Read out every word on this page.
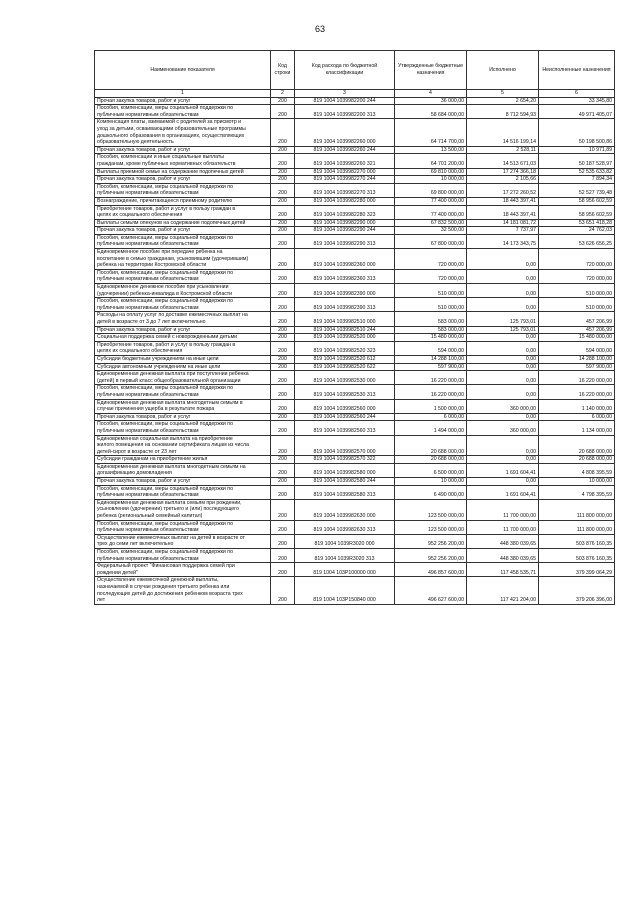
63
Наименование показателя	Код строки	Код расхода по бюджетной классификации	Утвержденные бюджетные назначения	Исполнено	Неисполненные назначения
1	2	3	4	5	6
Прочая закупка товаров, работ и услуг	200	819 1004 1039982200 244	36 000,00	2 654,20	33 345,80
Пособия, компенсации, меры социальной поддержки по
публичным нормативным обязательствам	200	819 1004 1039982200 313	58 684 000,00	8 712 594,93	49 971 405,07
Компенсация платы, взимаемой с родителей за присмотр и
уход за детьми, осваивающими образовательные программы
дошкольного образования в организациях, осуществляющих
образовательную деятельность	200	819 1004 1039982260 000	64 714 700,00	14 516 199,14	50 198 500,86
Прочая закупка товаров, работ и услуг	200	819 1004 1039982260 244	13 500,00	2 528,11	10 971,89
Пособия, компенсации и иные социальные выплаты
гражданам, кроме публичных нормативных обязательств	200	819 1004 1039982260 321	64 701 200,00	14 513 671,03	50 187 528,97
Выплаты приемной семье на содержание подопечных детей	200	819 1004 1039982270 000	69 810 000,00	17 274 366,18	52 535 633,82
Прочая закупка товаров, работ и услуг	200	819 1004 1039982270 244	10 000,00	2 105,66	7 894,34
Пособия, компенсации, меры социальной поддержки по
публичным нормативным обязательствам	200	819 1004 1039982270 313	69 800 000,00	17 272 260,52	52 527 739,48
Вознаграждение, причитающееся приемному родителю	200	819 1004 1039982280 000	77 400 000,00	18 443 397,41	58 956 602,59
Приобретение товаров, работ и услуг в пользу граждан в
целях их социального обеспечения	200	819 1004 1039982280 323	77 400 000,00	18 443 397,41	58 956 602,59
Выплаты семьям опекунов на содержание подопечных детей	200	819 1004 1039982290 000	67 832 500,00	14 181 081,72	53 651 418,28
Прочая закупка товаров, работ и услуг	200	819 1004 1039982290 244	32 500,00	7 737,97	24 762,03
Пособия, компенсации, меры социальной поддержки по
публичным нормативным обязательствам	200	819 1004 1039982290 313	67 800 000,00	14 173 343,75	53 626 656,25
Единовременное пособие при передаче ребенка на
воспитание в семью гражданам, усыновившим (удочерившим)
ребенка на территории Костромской области	200	819 1004 1039982360 000	720 000,00	0,00	720 000,00
Пособия, компенсации, меры социальной поддержки по
публичным нормативным обязательствам	200	819 1004 1039982360 313	720 000,00	0,00	720 000,00
Единовременное денежное пособие при усыновлении
(удочерении) ребенка-инвалида в Костромской области	200	819 1004 1039982390 000	510 000,00	0,00	510 000,00
Пособия, компенсации, меры социальной поддержки по
публичным нормативным обязательствам	200	819 1004 1039982390 313	510 000,00	0,00	510 000,00
Расходы на оплату услуг по доставке ежемесячных выплат на
детей в возрасте от 3 до 7 лет включительно	200	819 1004 1039982510 000	583 000,00	125 793,01	457 206,99
Прочая закупка товаров, работ и услуг	200	819 1004 1039982510 244	583 000,00	125 793,01	457 206,99
Социальная поддержка семей с новорожденными детьми	200	819 1004 1039982520 000	15 480 000,00	0,00	15 480 000,00
Приобретение товаров, работ и услуг в пользу граждан в
целях их социального обеспечения	200	819 1004 1039982520 323	594 000,00	0,00	594 000,00
Субсидии бюджетным учреждениям на иные цели	200	819 1004 1039982520 612	14 288 100,00	0,00	14 288 100,00
Субсидии автономным учреждениям на иные цели	200	819 1004 1039982520 622	597 900,00	0,00	597 900,00
Единовременная денежная выплата при поступлении ребенка
(детей) в первый класс общеобразовательной организации	200	819 1004 1039982530 000	16 220 000,00	0,00	16 220 000,00
Пособия, компенсации, меры социальной поддержки по
публичным нормативным обязательствам	200	819 1004 1039982530 313	16 220 000,00	0,00	16 220 000,00
Единовременная денежная выплата многодетным семьям в
случае причинения ущерба в результате пожара	200	819 1004 1039982560 000	1 500 000,00	360 000,00	1 140 000,00
Прочая закупка товаров, работ и услуг	200	819 1004 1039982560 244	6 000,00	0,00	6 000,00
Пособия, компенсации, меры социальной поддержки по
публичным нормативным обязательствам	200	819 1004 1039982560 313	1 494 000,00	360 000,00	1 134 000,00
Единовременная социальная выплата на приобретение
жилого помещения на основании сертификата лицам из числа
детей-сирот в возрасте от 23 лет	200	819 1004 1039982570 000	20 688 000,00	0,00	20 688 000,00
Субсидии гражданам на приобретение жилья	200	819 1004 1039982570 322	20 688 000,00	0,00	20 688 000,00
Единовременная денежная выплата многодетным семьям на
догазификацию домовладения	200	819 1004 1039982580 000	6 500 000,00	1 691 604,41	4 808 395,59
Прочая закупка товаров, работ и услуг	200	819 1004 1039982580 244	10 000,00	0,00	10 000,00
Пособия, компенсации, меры социальной поддержки по
публичным нормативным обязательствам	200	819 1004 1039982580 313	6 490 000,00	1 691 604,41	4 798 395,59
Единовременная денежная выплата семьям при рождении,
усыновлении (удочерении) третьего и (или) последующего
ребенка (региональный семейный капитал)	200	819 1004 1039982630 000	123 500 000,00	11 700 000,00	111 800 000,00
Пособия, компенсации, меры социальной поддержки по
публичным нормативным обязательствам	200	819 1004 1039982630 313	123 500 000,00	11 700 000,00	111 800 000,00
Осуществление ежемесячных выплат на детей в возрасте от
трех до семи лет включительно	200	819 1004 1039R3020 000	952 256 200,00	448 380 039,65	503 876 160,35
Пособия, компенсации, меры социальной поддержки по
публичным нормативным обязательствам	200	819 1004 1039R3020 313	952 256 200,00	448 380 039,65	503 876 160,35
Федеральный проект "Финансовая поддержка семей при
рождении детей"	200	819 1004 103P100000 000	496 857 600,00	117 458 535,71	379 399 064,29
Осуществление ежемесячной денежной выплаты,
назначаемой в случае рождения третьего ребенка или
последующих детей до достижения ребенком возраста трех
лет	200	819 1004 103P150840 000	496 627 600,00	117 421 204,00	379 206 396,00
